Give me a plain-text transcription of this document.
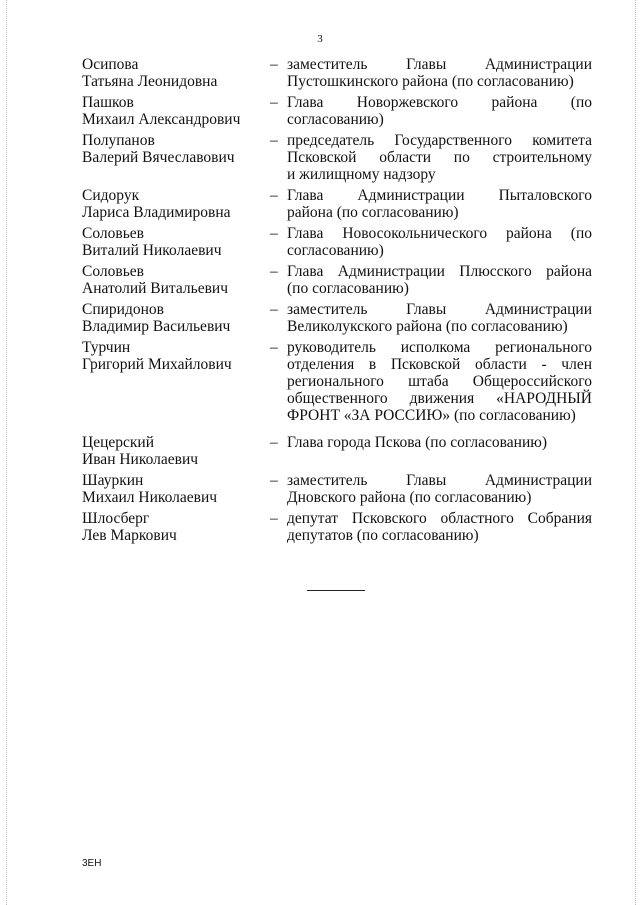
3
Осипова
Татьяна Леонидовна
– заместитель Главы Администрации
Пустошкинского района (по согласованию)
Пашков
Михаил Александрович
– Глава Новоржевского района (по
согласованию)
Полупанов
Валерий Вячеславович
– председатель Государственного комитета
Псковской области по строительному
и жилищному надзору
Сидорук
Лариса Владимировна
– Глава Администрации Пыталовского
района (по согласованию)
Соловьев
Виталий Николаевич
– Глава Новосокольнического района (по
согласованию)
Соловьев
Анатолий Витальевич
– Глава Администрации Плюсского района
(по согласованию)
Спиридонов
Владимир Васильевич
– заместитель Главы Администрации
Великолукского района (по согласованию)
Турчин
Григорий Михайлович
– руководитель исполкома регионального
отделения в Псковской области - член
регионального штаба Общероссийского
общественного движения «НАРОДНЫЙ
ФРОНТ «ЗА РОССИЮ» (по согласованию)
Цецерский
Иван Николаевич
– Глава города Пскова (по согласованию)
Шауркин
Михаил Николаевич
– заместитель Главы Администрации
Дновского района (по согласованию)
Шлосберг
Лев Маркович
– депутат Псковского областного Собрания
депутатов (по согласованию)
3ЕН
